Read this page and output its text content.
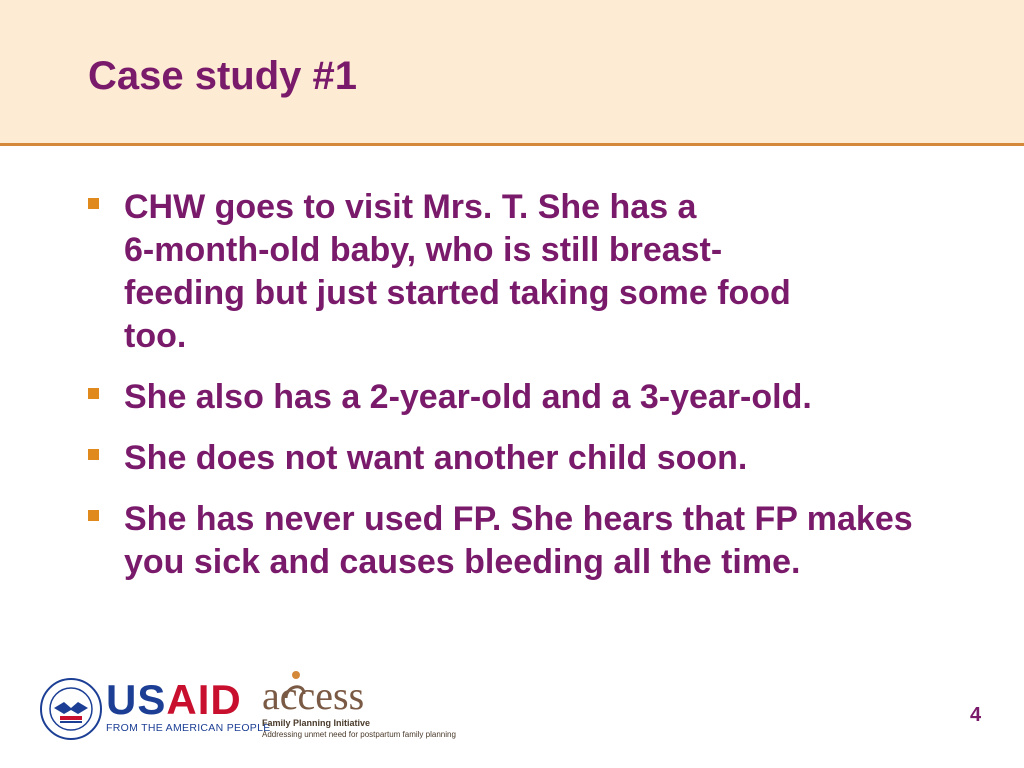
Case study #1
CHW goes to visit Mrs. T. She has a
6-month-old baby, who is still breast-
feeding but just started taking some food
too.
She also has a 2-year-old and a 3-year-old.
She does not want another child soon.
She has never used FP. She hears that FP makes you sick and causes bleeding all the time.
USAID
FROM THE AMERICAN PEOPLE
access
Family Planning Initiative
Addressing unmet need for postpartum family planning
4
